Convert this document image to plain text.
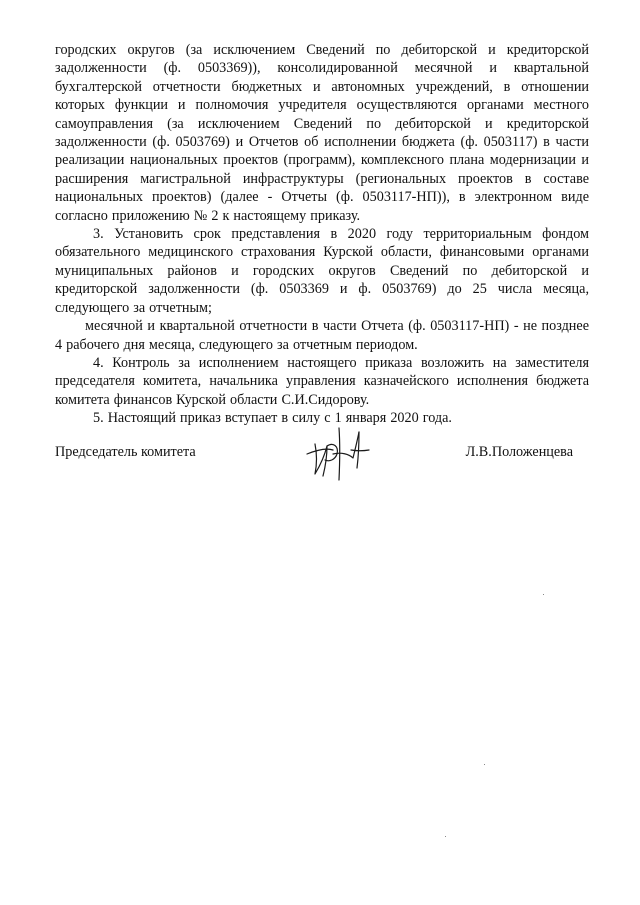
городских округов (за исключением Сведений по дебиторской и кредиторской задолженности (ф. 0503369)), консолидированной месячной и квартальной бухгалтерской отчетности бюджетных и автономных учреждений, в отношении которых функции и полномочия учредителя осуществляются органами местного самоуправления (за исключением Сведений по дебиторской и кредиторской задолженности (ф. 0503769) и Отчетов об исполнении бюджета (ф. 0503117) в части реализации национальных проектов (программ), комплексного плана модернизации и расширения магистральной инфраструктуры (региональных проектов в составе национальных проектов) (далее - Отчеты (ф. 0503117-НП)), в электронном виде согласно приложению № 2 к настоящему приказу.

3. Установить срок представления в 2020 году территориальным фондом обязательного медицинского страхования Курской области, финансовыми органами муниципальных районов и городских округов Сведений по дебиторской и кредиторской задолженности (ф. 0503369 и ф. 0503769) до 25 числа месяца, следующего за отчетным;

месячной и квартальной отчетности в части Отчета (ф. 0503117-НП) - не позднее 4 рабочего дня месяца, следующего за отчетным периодом.

4. Контроль за исполнением настоящего приказа возложить на заместителя председателя комитета, начальника управления казначейского исполнения бюджета комитета финансов Курской области С.И.Сидорову.

5. Настоящий приказ вступает в силу с 1 января 2020 года.

Председатель комитета	Л.В.Положенцева
